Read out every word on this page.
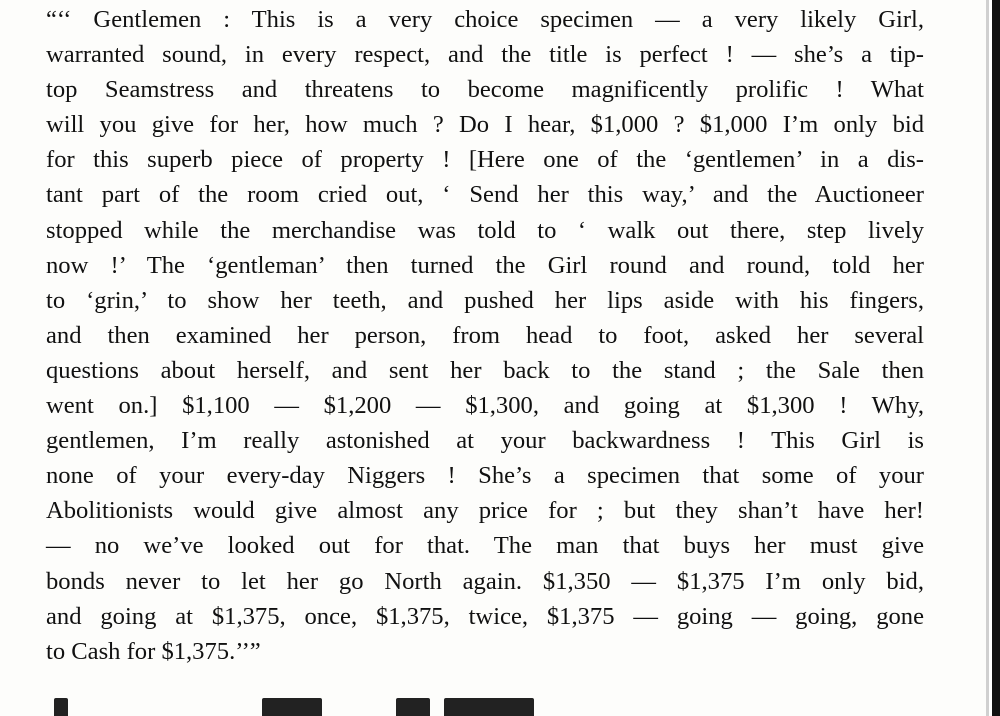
“‘‘ Gentlemen : This is a very choice specimen — a very likely Girl,
warranted sound, in every respect, and the title is perfect ! — she’s a tip-
top Seamstress and threatens to become magnificently prolific ! What
will you give for her, how much ? Do I hear, $1,000 ? $1,000 I’m only bid
for this superb piece of property ! [Here one of the ‘gentlemen’ in a dis-
tant part of the room cried out, ‘ Send her this way,’ and the Auctioneer
stopped while the merchandise was told to ‘ walk out there, step lively
now !’ The ‘gentleman’ then turned the Girl round and round, told her
to ‘grin,’ to show her teeth, and pushed her lips aside with his fingers,
and then examined her person, from head to foot, asked her several
questions about herself, and sent her back to the stand ; the Sale then
went on.] $1,100 — $1,200 — $1,300, and going at $1,300 ! Why,
gentlemen, I’m really astonished at your backwardness ! This Girl is
none of your every-day Niggers ! She’s a specimen that some of your
Abolitionists would give almost any price for ; but they shan’t have her!
— no we’ve looked out for that. The man that buys her must give
bonds never to let her go North again. $1,350 — $1,375 I’m only bid,
and going at $1,375, once, $1,375, twice, $1,375 — going — going, gone
to Cash for $1,375.’’”
